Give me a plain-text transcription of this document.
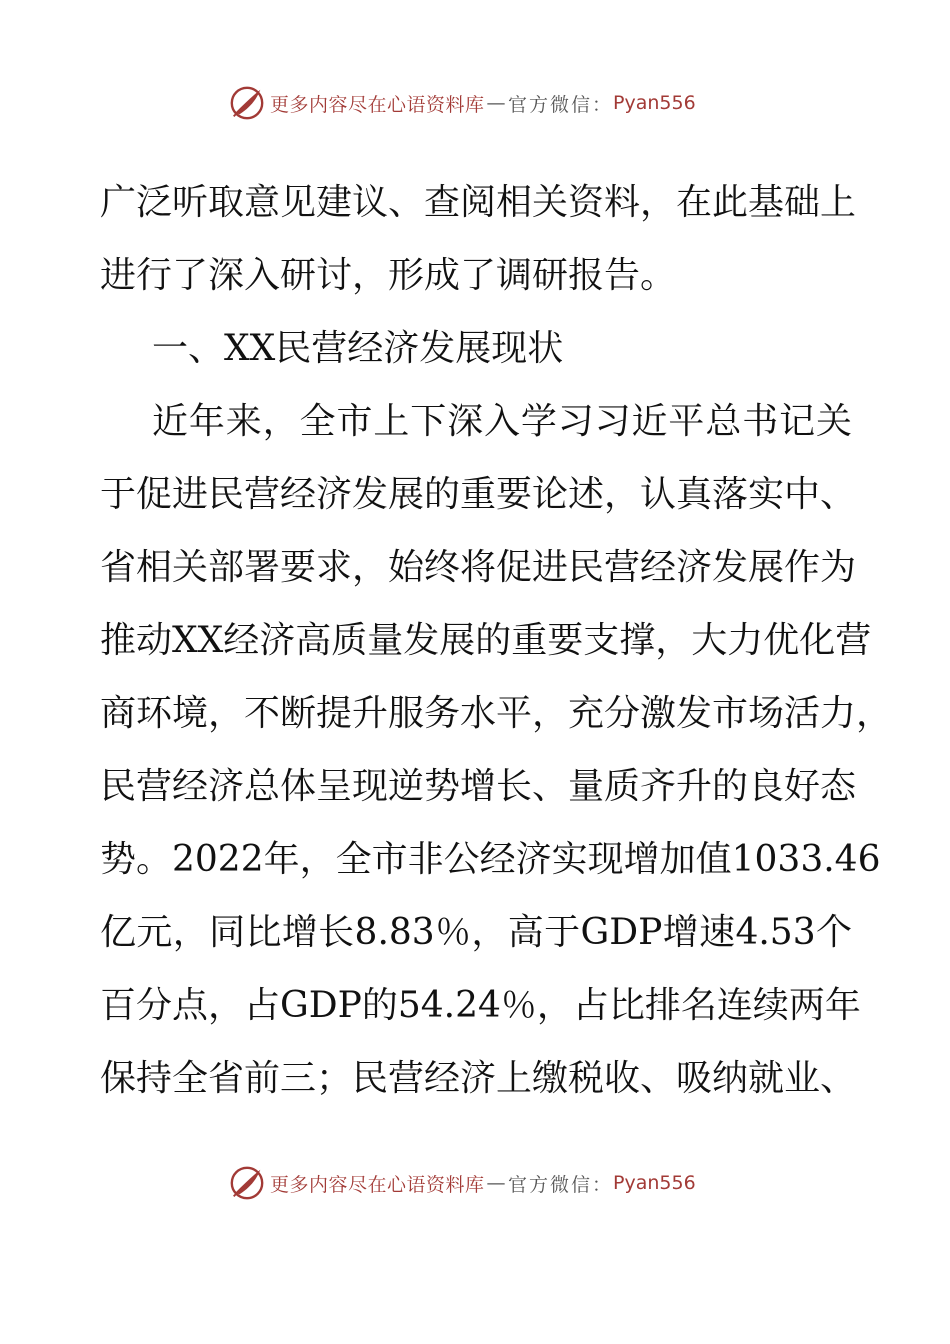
更多内容尽在心语资料库 — 官方微信： Pyan556
广泛听取意见建议、查阅相关资料，在此基础上
进行了深入研讨，形成了调研报告。
一、XX民营经济发展现状
近年来，全市上下深入学习习近平总书记关
于促进民营经济发展的重要论述，认真落实中、
省相关部署要求，始终将促进民营经济发展作为
推动XX经济高质量发展的重要支撑，大力优化营
商环境，不断提升服务水平，充分激发市场活力，
民营经济总体呈现逆势增长、量质齐升的良好态
势。2022年，全市非公经济实现增加值1033.46
亿元，同比增长8.83％，高于GDP增速4.53个
百分点，占GDP的54.24％，占比排名连续两年
保持全省前三；民营经济上缴税收、吸纳就业、
更多内容尽在心语资料库 — 官方微信： Pyan556
